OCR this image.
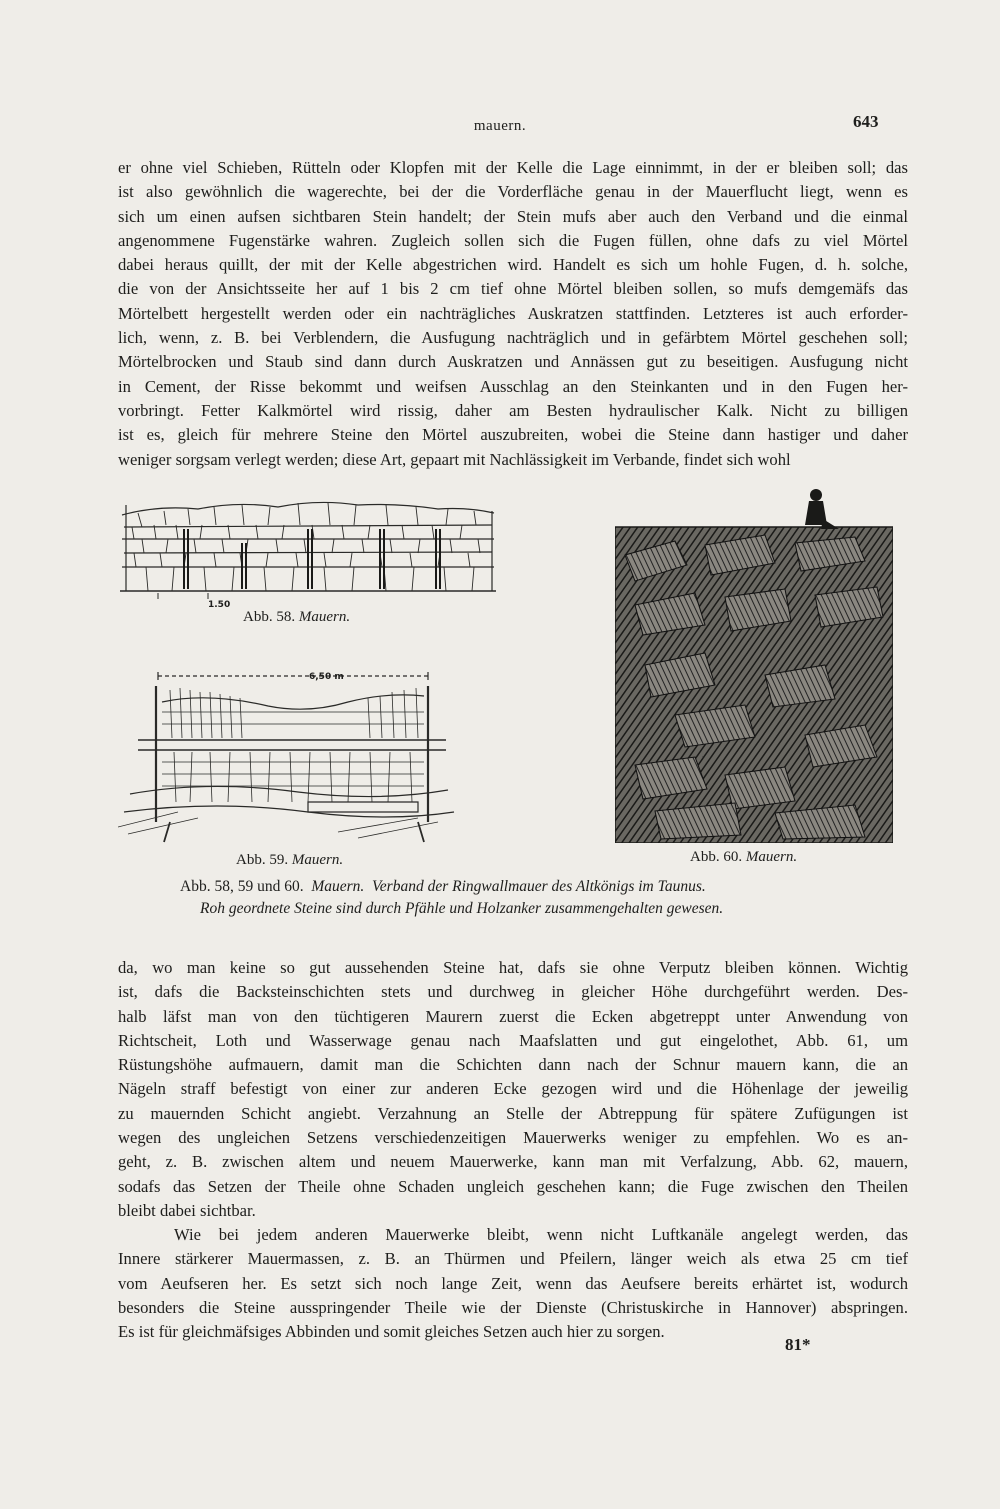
mauern.	643
er ohne viel Schieben, Rütteln oder Klopfen mit der Kelle die Lage einnimmt, in der er bleiben soll; das
ist also gewöhnlich die wagerechte, bei der die Vorderfläche genau in der Mauerflucht liegt, wenn es
sich um einen aufsen sichtbaren Stein handelt; der Stein mufs aber auch den Verband und die einmal
angenommene Fugenstärke wahren. Zugleich sollen sich die Fugen füllen, ohne dafs zu viel Mörtel
dabei heraus quillt, der mit der Kelle abgestrichen wird. Handelt es sich um hohle Fugen, d. h. solche,
die von der Ansichtsseite her auf 1 bis 2 cm tief ohne Mörtel bleiben sollen, so mufs demgemäfs das
Mörtelbett hergestellt werden oder ein nachträgliches Auskratzen stattfinden. Letzteres ist auch erforder-
lich, wenn, z. B. bei Verblendern, die Ausfugung nachträglich und in gefärbtem Mörtel geschehen soll;
Mörtelbrocken und Staub sind dann durch Auskratzen und Annässen gut zu beseitigen. Ausfugung nicht
in Cement, der Risse bekommt und weifsen Ausschlag an den Steinkanten und in den Fugen her-
vorbringt. Fetter Kalkmörtel wird rissig, daher am Besten hydraulischer Kalk. Nicht zu billigen
ist es, gleich für mehrere Steine den Mörtel auszubreiten, wobei die Steine dann hastiger und daher
weniger sorgsam verlegt werden; diese Art, gepaart mit Nachlässigkeit im Verbande, findet sich wohl
1.50
Abb. 58. Mauern.
6,50 m
Abb. 59. Mauern.	Abb. 60. Mauern.
Abb. 58, 59 und 60. Mauern. Verband der Ringwallmauer des Altkönigs im Taunus.
Roh geordnete Steine sind durch Pfähle und Holzanker zusammengehalten gewesen.
da, wo man keine so gut aussehenden Steine hat, dafs sie ohne Verputz bleiben können. Wichtig
ist, dafs die Backsteinschichten stets und durchweg in gleicher Höhe durchgeführt werden. Des-
halb läfst man von den tüchtigeren Maurern zuerst die Ecken abgetreppt unter Anwendung von
Richtscheit, Loth und Wasserwage genau nach Maafslatten und gut eingelothet, Abb. 61, um
Rüstungshöhe aufmauern, damit man die Schichten dann nach der Schnur mauern kann, die an
Nägeln straff befestigt von einer zur anderen Ecke gezogen wird und die Höhenlage der jeweilig
zu mauernden Schicht angiebt. Verzahnung an Stelle der Abtreppung für spätere Zufügungen ist
wegen des ungleichen Setzens verschiedenzeitigen Mauerwerks weniger zu empfehlen. Wo es an-
geht, z. B. zwischen altem und neuem Mauerwerke, kann man mit Verfalzung, Abb. 62, mauern,
sodafs das Setzen der Theile ohne Schaden ungleich geschehen kann; die Fuge zwischen den Theilen
bleibt dabei sichtbar.
Wie bei jedem anderen Mauerwerke bleibt, wenn nicht Luftkanäle angelegt werden, das
Innere stärkerer Mauermassen, z. B. an Thürmen und Pfeilern, länger weich als etwa 25 cm tief
vom Aeufseren her. Es setzt sich noch lange Zeit, wenn das Aeufsere bereits erhärtet ist, wodurch
besonders die Steine ausspringender Theile wie der Dienste (Christuskirche in Hannover) abspringen.
Es ist für gleichmäfsiges Abbinden und somit gleiches Setzen auch hier zu sorgen.
81*
